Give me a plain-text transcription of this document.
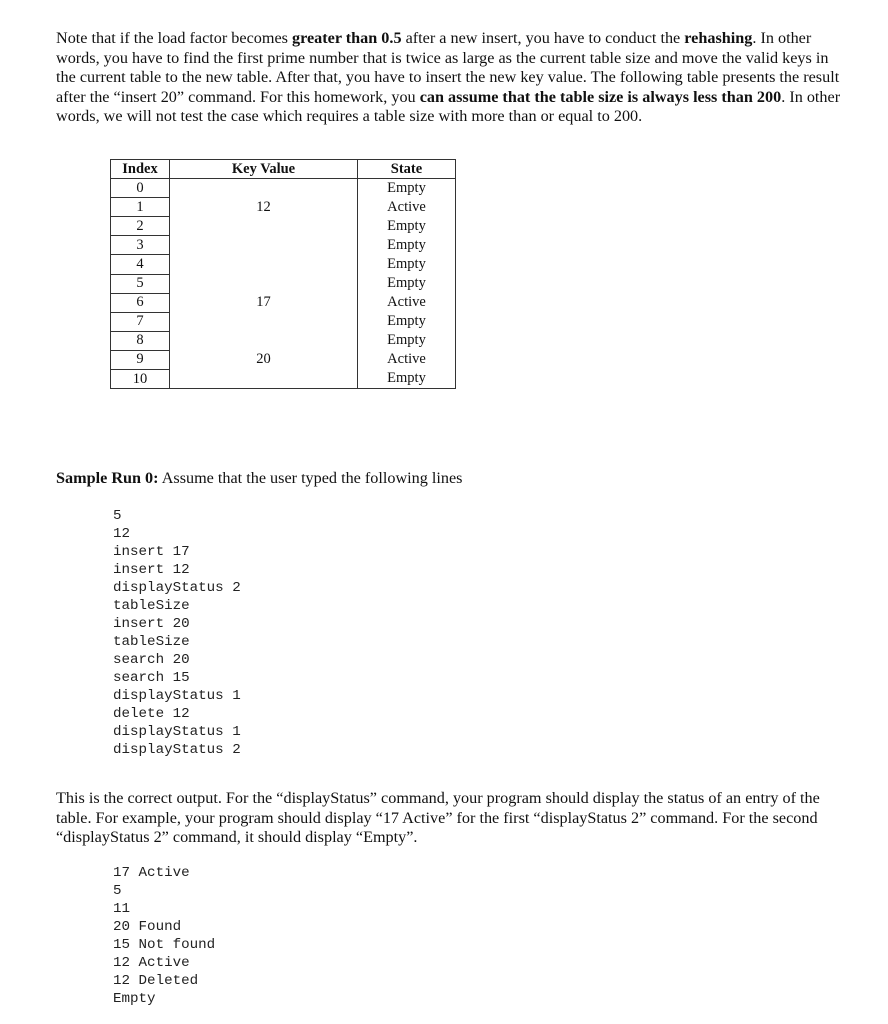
Note that if the load factor becomes greater than 0.5 after a new insert, you have to conduct the rehashing. In other words, you have to find the first prime number that is twice as large as the current table size and move the valid keys in the current table to the new table. After that, you have to insert the new key value. The following table presents the result after the “insert 20” command. For this homework, you can assume that the table size is always less than 200. In other words, we will not test the case which requires a table size with more than or equal to 200.

Index	Key Value	State
0		Empty
1	12	Active
2		Empty
3		Empty
4		Empty
5		Empty
6	17	Active
7		Empty
8		Empty
9	20	Active
10		Empty

Sample Run 0: Assume that the user typed the following lines

5
12
insert 17
insert 12
displayStatus 2
tableSize
insert 20
tableSize
search 20
search 15
displayStatus 1
delete 12
displayStatus 1
displayStatus 2

This is the correct output. For the “displayStatus” command, your program should display the status of an entry of the table. For example, your program should display “17 Active” for the first “displayStatus 2” command. For the second “displayStatus 2” command, it should display “Empty”.

17 Active
5
11
20 Found
15 Not found
12 Active
12 Deleted
Empty
